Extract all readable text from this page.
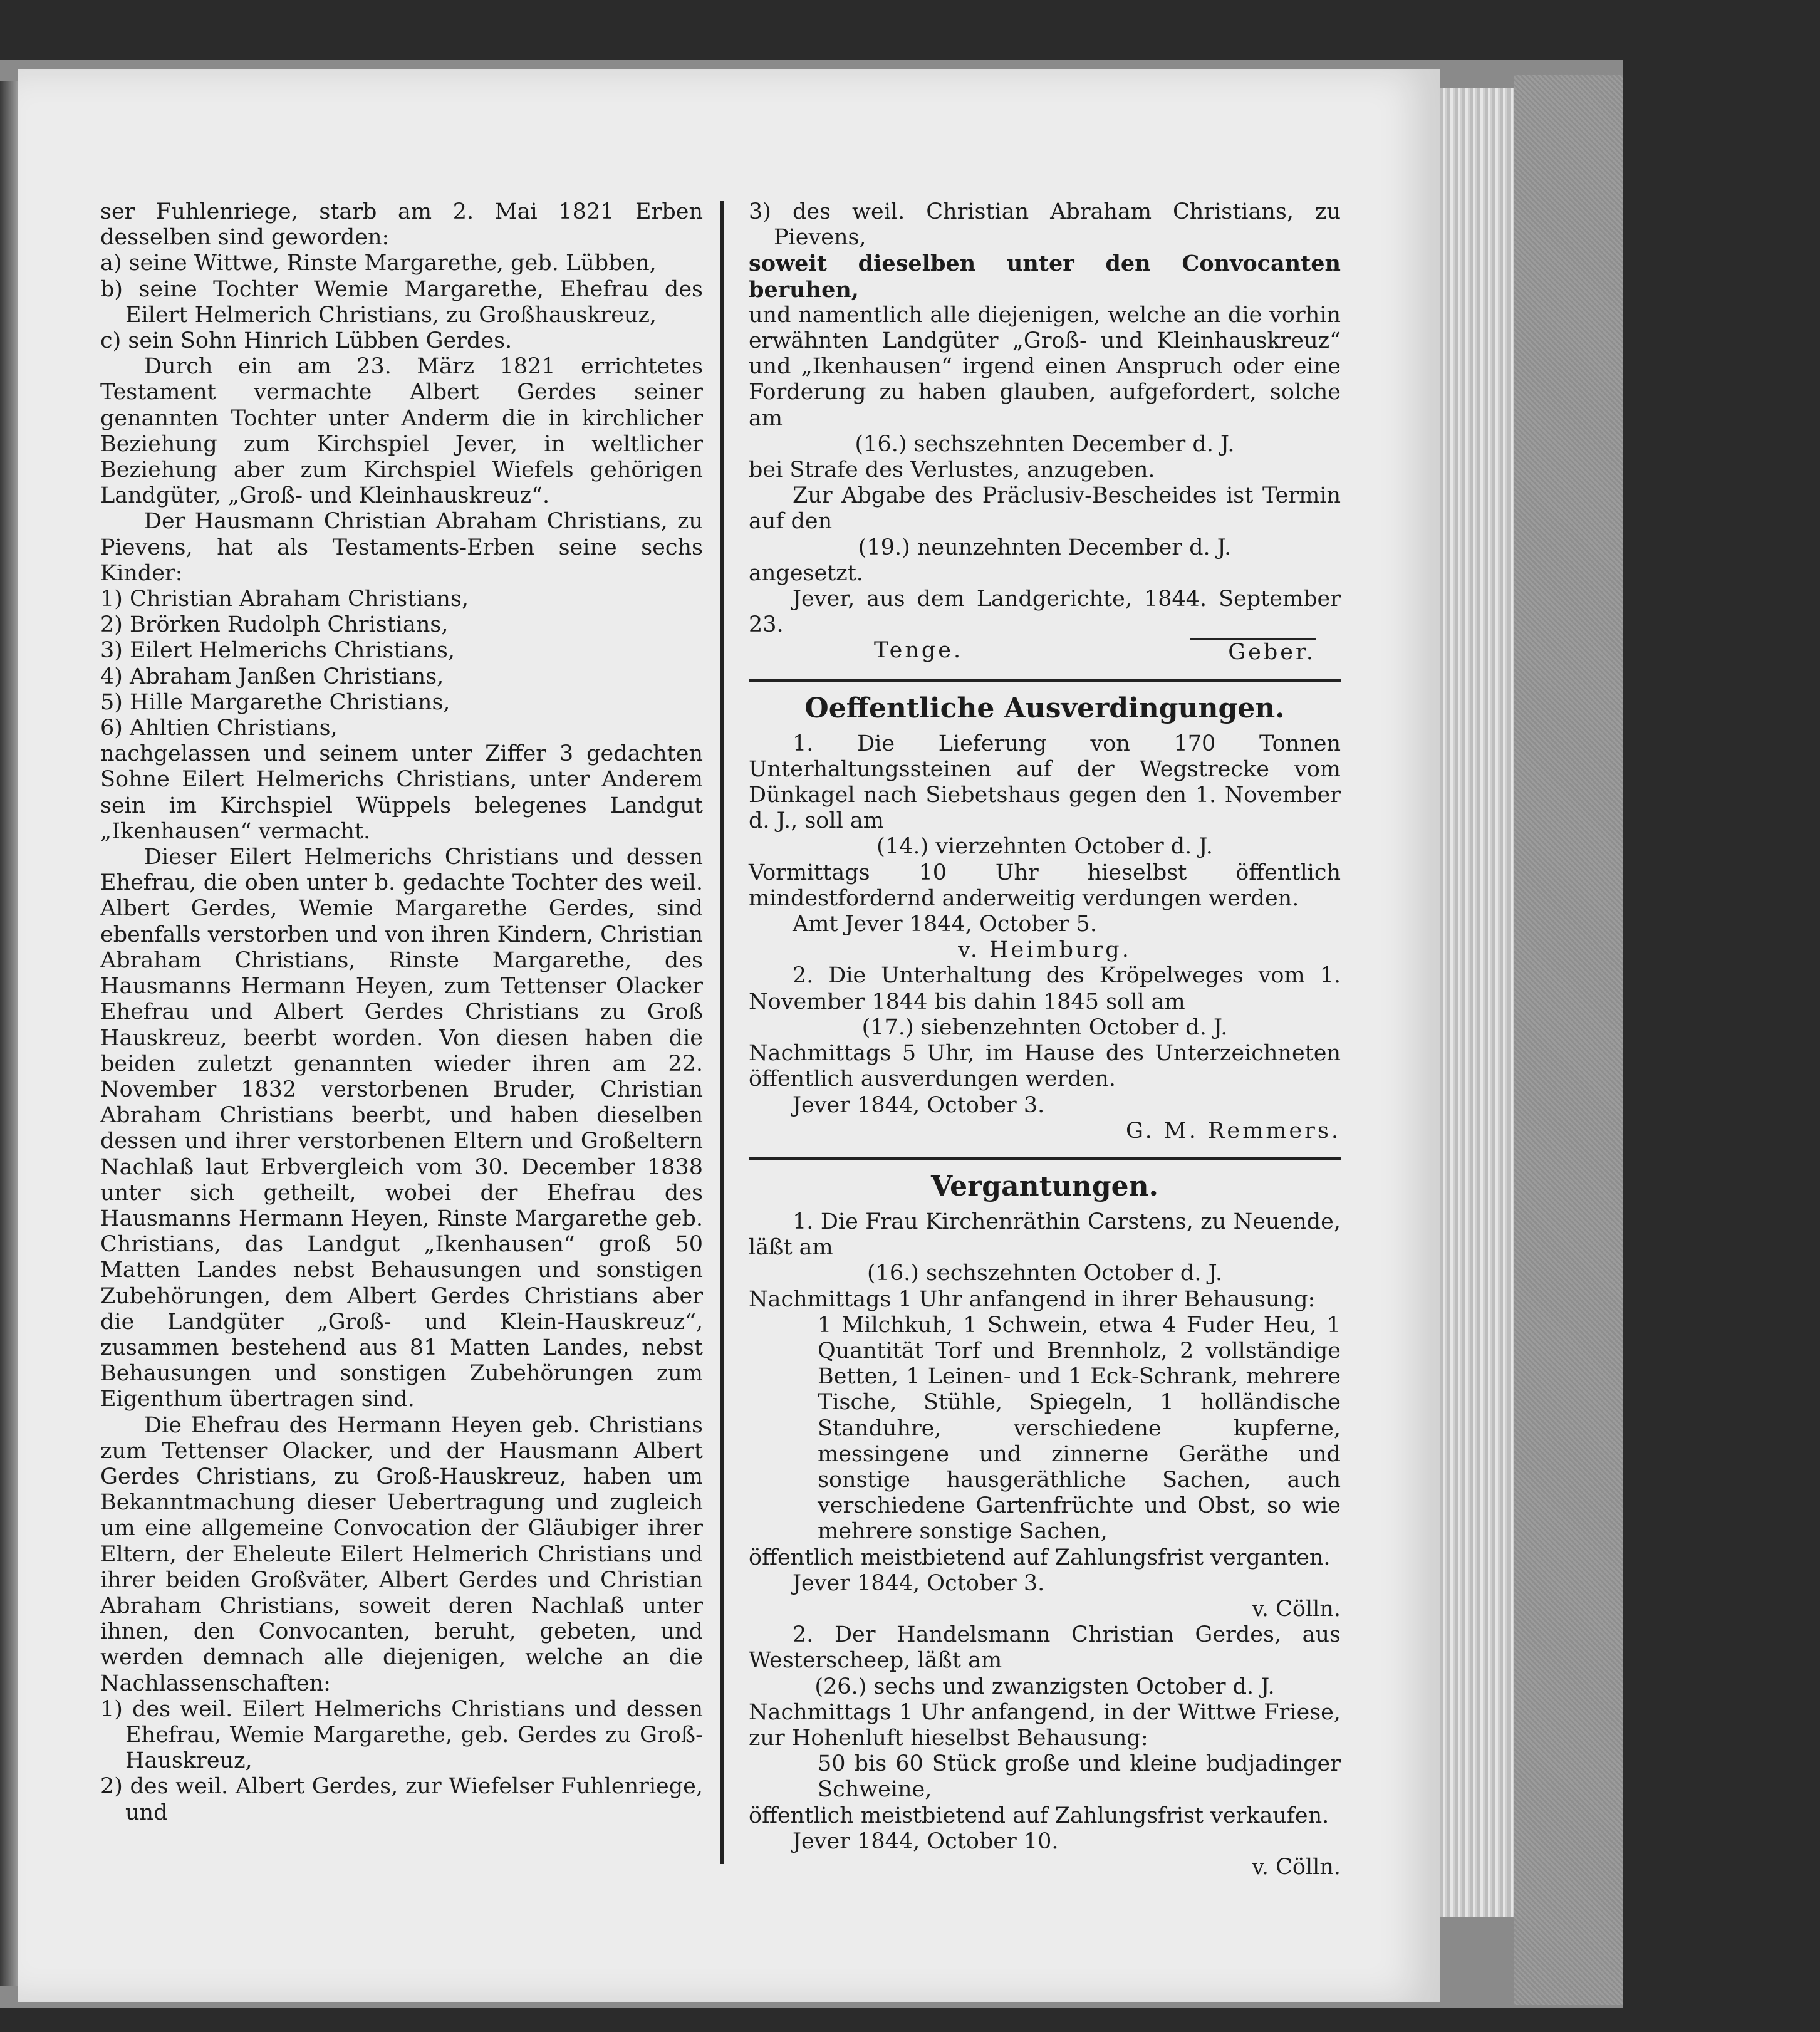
ser Fuhlenriege, starb am 2. Mai 1821 Erben desselben sind geworden:

a) seine Wittwe, Rinste Margarethe, geb. Lübben,

b) seine Tochter Wemie Margarethe, Ehefrau des Eilert Helmerich Christians, zu Großhauskreuz,

c) sein Sohn Hinrich Lübben Gerdes.

Durch ein am 23. März 1821 errichtetes Testament vermachte Albert Gerdes seiner genannten Tochter unter Anderm die in kirchlicher Beziehung zum Kirchspiel Jever, in weltlicher Beziehung aber zum Kirchspiel Wiefels gehörigen Landgüter, „Groß- und Kleinhauskreuz“.

Der Hausmann Christian Abraham Christians, zu Pievens, hat als Testaments-Erben seine sechs Kinder:

1) Christian Abraham Christians,

2) Brörken Rudolph Christians,

3) Eilert Helmerichs Christians,

4) Abraham Janßen Christians,

5) Hille Margarethe Christians,

6) Ahltien Christians,

nachgelassen und seinem unter Ziffer 3 gedachten Sohne Eilert Helmerichs Christians, unter Anderem sein im Kirchspiel Wüppels belegenes Landgut „Ikenhausen“ vermacht.

Dieser Eilert Helmerichs Christians und dessen Ehefrau, die oben unter b. gedachte Tochter des weil. Albert Gerdes, Wemie Margarethe Gerdes, sind ebenfalls verstorben und von ihren Kindern, Christian Abraham Christians, Rinste Margarethe, des Hausmanns Hermann Heyen, zum Tettenser Olacker Ehefrau und Albert Gerdes Christians zu Groß Hauskreuz, beerbt worden. Von diesen haben die beiden zuletzt genannten wieder ihren am 22. November 1832 verstorbenen Bruder, Christian Abraham Christians beerbt, und haben dieselben dessen und ihrer verstorbenen Eltern und Großeltern Nachlaß laut Erbvergleich vom 30. December 1838 unter sich getheilt, wobei der Ehefrau des Hausmanns Hermann Heyen, Rinste Margarethe geb. Christians, das Landgut „Ikenhausen“ groß 50 Matten Landes nebst Behausungen und sonstigen Zubehörungen, dem Albert Gerdes Christians aber die Landgüter „Groß- und Klein-Hauskreuz“, zusammen bestehend aus 81 Matten Landes, nebst Behausungen und sonstigen Zubehörungen zum Eigenthum übertragen sind.

Die Ehefrau des Hermann Heyen geb. Christians zum Tettenser Olacker, und der Hausmann Albert Gerdes Christians, zu Groß-Hauskreuz, haben um Bekanntmachung dieser Uebertragung und zugleich um eine allgemeine Convocation der Gläubiger ihrer Eltern, der Eheleute Eilert Helmerich Christians und ihrer beiden Großväter, Albert Gerdes und Christian Abraham Christians, soweit deren Nachlaß unter ihnen, den Convocanten, beruht, gebeten, und werden demnach alle diejenigen, welche an die Nachlassenschaften:

1) des weil. Eilert Helmerichs Christians und dessen Ehefrau, Wemie Margarethe, geb. Gerdes zu Groß-Hauskreuz,

2) des weil. Albert Gerdes, zur Wiefelser Fuhlenriege, und

3) des weil. Christian Abraham Christians, zu Pievens,

soweit dieselben unter den Convocanten beruhen,

und namentlich alle diejenigen, welche an die vorhin erwähnten Landgüter „Groß- und Kleinhauskreuz“ und „Ikenhausen“ irgend einen Anspruch oder eine Forderung zu haben glauben, aufgefordert, solche am

(16.) sechszehnten December d. J.

bei Strafe des Verlustes, anzugeben.

Zur Abgabe des Präclusiv-Bescheides ist Termin auf den

(19.) neunzehnten December d. J.

angesetzt.

Jever, aus dem Landgerichte, 1844. September 23.

Tenge.	Geber.
Oeffentliche Ausverdingungen.

1. Die Lieferung von 170 Tonnen Unterhaltungssteinen auf der Wegstrecke vom Dünkagel nach Siebetshaus gegen den 1. November d. J., soll am

(14.) vierzehnten October d. J.

Vormittags 10 Uhr hieselbst öffentlich mindestfordernd anderweitig verdungen werden.

Amt Jever 1844, October 5.

v. Heimburg.

2. Die Unterhaltung des Kröpelweges vom 1. November 1844 bis dahin 1845 soll am

(17.) siebenzehnten October d. J.

Nachmittags 5 Uhr, im Hause des Unterzeichneten öffentlich ausverdungen werden.

Jever 1844, October 3.

G. M. Remmers.

Vergantungen.

1. Die Frau Kirchenräthin Carstens, zu Neuende, läßt am

(16.) sechszehnten October d. J.

Nachmittags 1 Uhr anfangend in ihrer Behausung:

1 Milchkuh, 1 Schwein, etwa 4 Fuder Heu, 1 Quantität Torf und Brennholz, 2 vollständige Betten, 1 Leinen- und 1 Eck-Schrank, mehrere Tische, Stühle, Spiegeln, 1 holländische Standuhre, verschiedene kupferne, messingene und zinnerne Geräthe und sonstige hausgeräthliche Sachen, auch verschiedene Gartenfrüchte und Obst, so wie mehrere sonstige Sachen,

öffentlich meistbietend auf Zahlungsfrist verganten.

Jever 1844, October 3.

v. Cölln.

2. Der Handelsmann Christian Gerdes, aus Westerscheep, läßt am

(26.) sechs und zwanzigsten October d. J.

Nachmittags 1 Uhr anfangend, in der Wittwe Friese, zur Hohenluft hieselbst Behausung:

50 bis 60 Stück große und kleine budjadinger Schweine,

öffentlich meistbietend auf Zahlungsfrist verkaufen.

Jever 1844, October 10.

v. Cölln.
